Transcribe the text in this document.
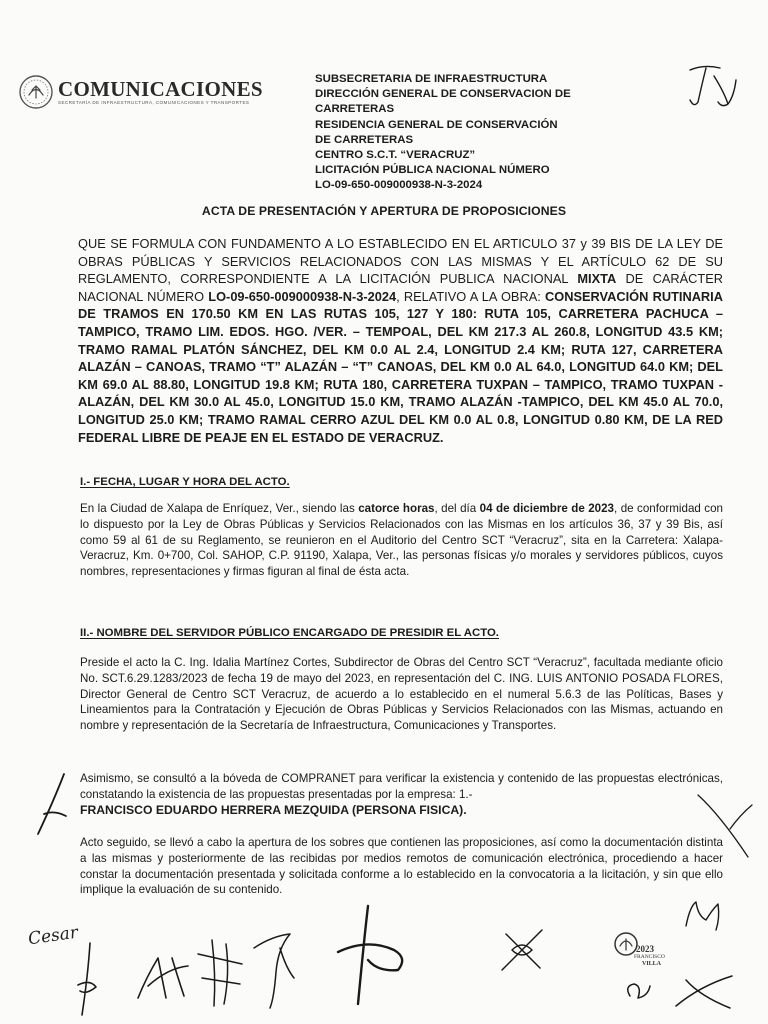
COMUNICACIONES
SECRETARÍA DE INFRAESTRUCTURA, COMUNICACIONES Y TRANSPORTES
SUBSECRETARIA DE INFRAESTRUCTURA
DIRECCIÓN GENERAL DE CONSERVACION DE
CARRETERAS
RESIDENCIA GENERAL DE CONSERVACIÓN
DE CARRETERAS
CENTRO S.C.T. “VERACRUZ”
LICITACIÓN PÚBLICA NACIONAL NÚMERO
LO-09-650-009000938-N-3-2024
ACTA DE PRESENTACIÓN Y APERTURA DE PROPOSICIONES
QUE SE FORMULA CON FUNDAMENTO A LO ESTABLECIDO EN EL ARTICULO 37 y 39 BIS DE LA LEY DE OBRAS PÚBLICAS Y SERVICIOS RELACIONADOS CON LAS MISMAS Y EL ARTÍCULO 62 DE SU REGLAMENTO, CORRESPONDIENTE A LA LICITACIÓN PUBLICA NACIONAL MIXTA DE CARÁCTER NACIONAL NÚMERO LO-09-650-009000938-N-3-2024, RELATIVO A LA OBRA: CONSERVACIÓN RUTINARIA DE TRAMOS EN 170.50 KM EN LAS RUTAS 105, 127 Y 180: RUTA 105, CARRETERA PACHUCA – TAMPICO, TRAMO LIM. EDOS. HGO. /VER. – TEMPOAL, DEL KM 217.3 AL 260.8, LONGITUD 43.5 KM; TRAMO RAMAL PLATÓN SÁNCHEZ, DEL KM 0.0 AL 2.4, LONGITUD 2.4 KM; RUTA 127, CARRETERA ALAZÁN – CANOAS, TRAMO “T” ALAZÁN – “T” CANOAS, DEL KM 0.0 AL 64.0, LONGITUD 64.0 KM; DEL KM 69.0 AL 88.80, LONGITUD 19.8 KM; RUTA 180, CARRETERA TUXPAN – TAMPICO, TRAMO TUXPAN - ALAZÁN, DEL KM 30.0 AL 45.0, LONGITUD 15.0 KM, TRAMO ALAZÁN -TAMPICO, DEL KM 45.0 AL 70.0, LONGITUD 25.0 KM; TRAMO RAMAL CERRO AZUL DEL KM 0.0 AL 0.8, LONGITUD 0.80 KM, DE LA RED FEDERAL LIBRE DE PEAJE EN EL ESTADO DE VERACRUZ.
I.- FECHA, LUGAR Y HORA DEL ACTO.
En la Ciudad de Xalapa de Enríquez, Ver., siendo las catorce horas, del día 04 de diciembre de 2023, de conformidad con lo dispuesto por la Ley de Obras Públicas y Servicios Relacionados con las Mismas en los artículos 36, 37 y 39 Bis, así como 59 al 61 de su Reglamento, se reunieron en el Auditorio del Centro SCT “Veracruz”, sita en la Carretera: Xalapa- Veracruz, Km. 0+700, Col. SAHOP, C.P. 91190, Xalapa, Ver., las personas físicas y/o morales y servidores públicos, cuyos nombres, representaciones y firmas figuran al final de ésta acta.
II.- NOMBRE DEL SERVIDOR PÚBLICO ENCARGADO DE PRESIDIR EL ACTO.
Preside el acto la C. Ing. Idalia Martínez Cortes, Subdirector de Obras del Centro SCT “Veracruz”, facultada mediante oficio No. SCT.6.29.1283/2023 de fecha 19 de mayo del 2023, en representación del C. ING. LUIS ANTONIO POSADA FLORES, Director General de Centro SCT Veracruz, de acuerdo a lo establecido en el numeral 5.6.3 de las Políticas, Bases y Lineamientos para la Contratación y Ejecución de Obras Públicas y Servicios Relacionados con las Mismas, actuando en nombre y representación de la Secretaría de Infraestructura, Comunicaciones y Transportes.
Asimismo, se consultó a la bóveda de COMPRANET para verificar la existencia y contenido de las propuestas electrónicas, constatando la existencia de las propuestas presentadas por la empresa: 1.-
FRANCISCO EDUARDO HERRERA MEZQUIDA (PERSONA FISICA).
Acto seguido, se llevó a cabo la apertura de los sobres que contienen las proposiciones, así como la documentación distinta a las mismas y posteriormente de las recibidas por medios remotos de comunicación electrónica, procediendo a hacer constar la documentación presentada y solicitada conforme a lo establecido en la convocatoria a la licitación, y sin que ello implique la evaluación de su contenido.
Cesar	2023
FRANCISCO
VILLA
